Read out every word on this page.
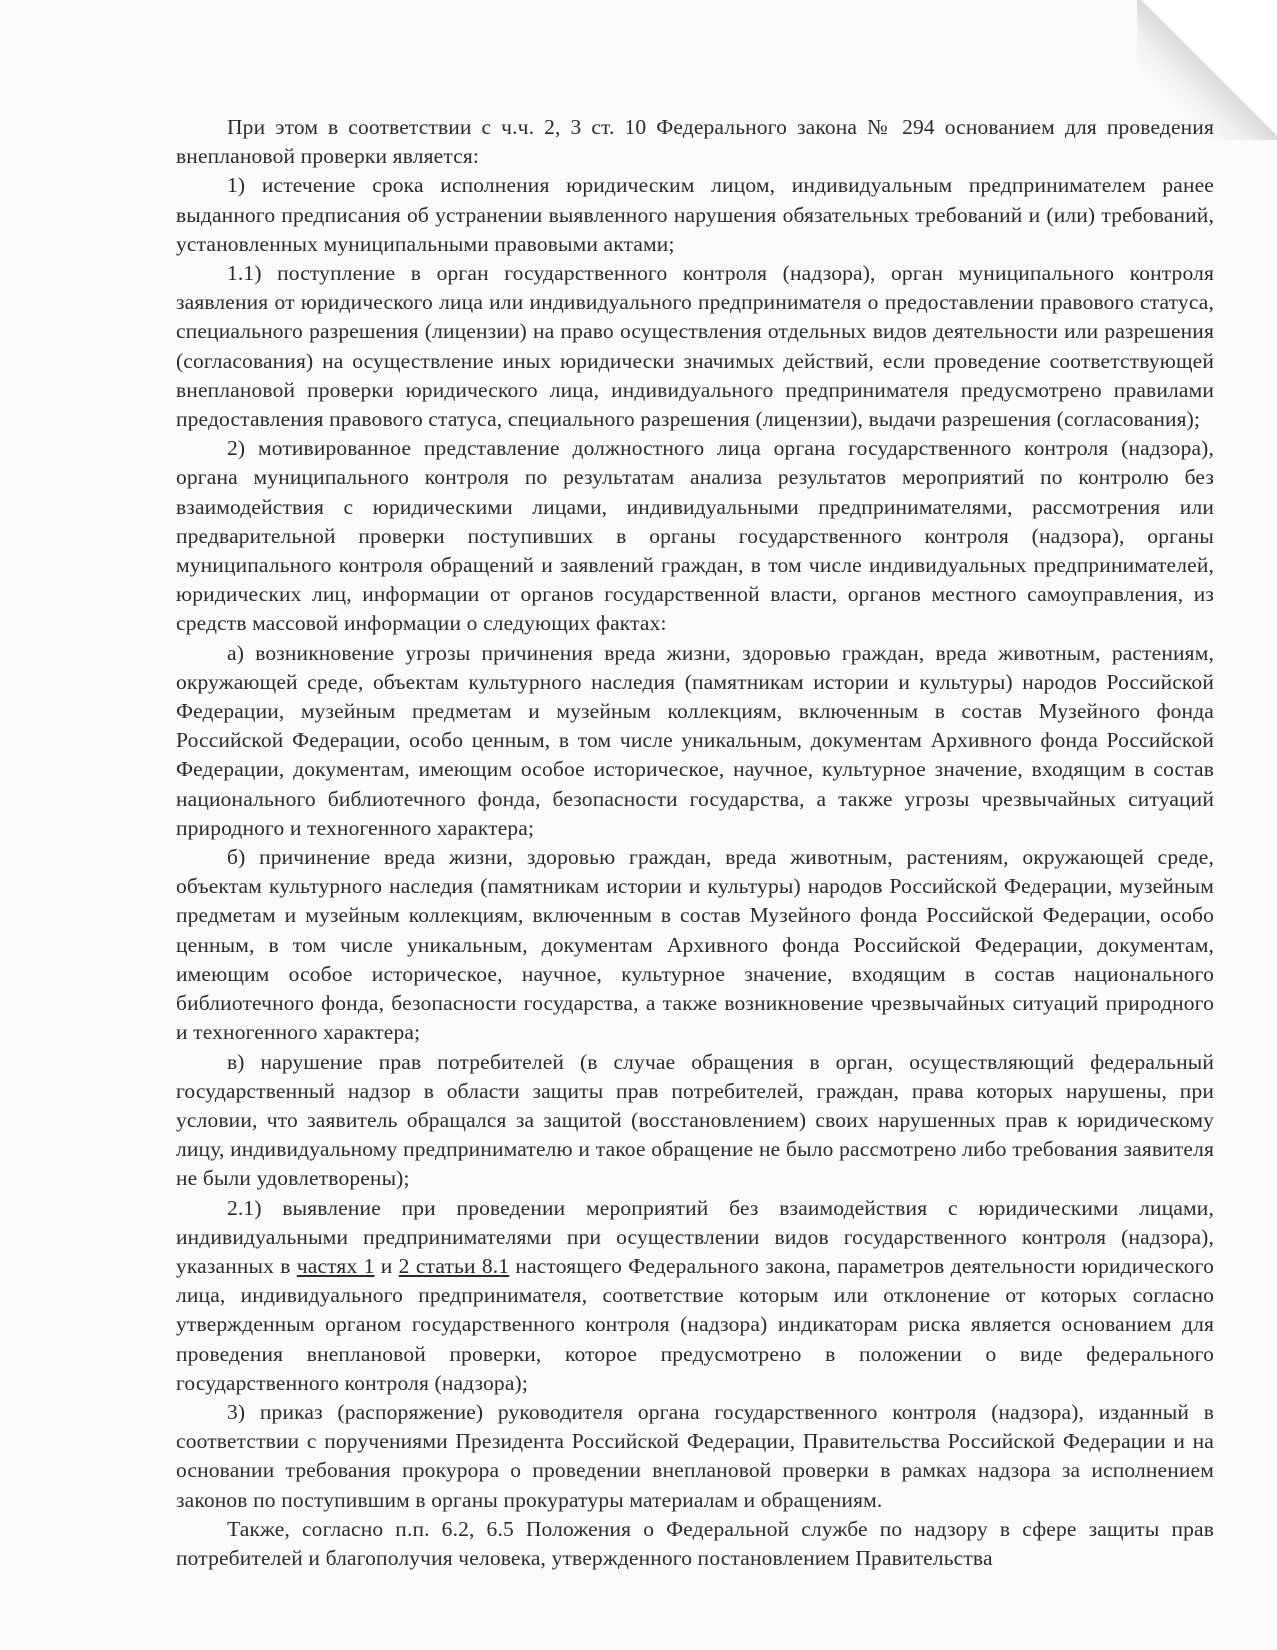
При этом в соответствии с ч.ч. 2, 3 ст. 10 Федерального закона № 294 основанием для проведения внеплановой проверки является:

1) истечение срока исполнения юридическим лицом, индивидуальным предпринимателем ранее выданного предписания об устранении выявленного нарушения обязательных требований и (или) требований, установленных муниципальными правовыми актами;

1.1) поступление в орган государственного контроля (надзора), орган муниципального контроля заявления от юридического лица или индивидуального предпринимателя о предоставлении правового статуса, специального разрешения (лицензии) на право осуществления отдельных видов деятельности или разрешения (согласования) на осуществление иных юридически значимых действий, если проведение соответствующей внеплановой проверки юридического лица, индивидуального предпринимателя предусмотрено правилами предоставления правового статуса, специального разрешения (лицензии), выдачи разрешения (согласования);

2) мотивированное представление должностного лица органа государственного контроля (надзора), органа муниципального контроля по результатам анализа результатов мероприятий по контролю без взаимодействия с юридическими лицами, индивидуальными предпринимателями, рассмотрения или предварительной проверки поступивших в органы государственного контроля (надзора), органы муниципального контроля обращений и заявлений граждан, в том числе индивидуальных предпринимателей, юридических лиц, информации от органов государственной власти, органов местного самоуправления, из средств массовой информации о следующих фактах:

а) возникновение угрозы причинения вреда жизни, здоровью граждан, вреда животным, растениям, окружающей среде, объектам культурного наследия (памятникам истории и культуры) народов Российской Федерации, музейным предметам и музейным коллекциям, включенным в состав Музейного фонда Российской Федерации, особо ценным, в том числе уникальным, документам Архивного фонда Российской Федерации, документам, имеющим особое историческое, научное, культурное значение, входящим в состав национального библиотечного фонда, безопасности государства, а также угрозы чрезвычайных ситуаций природного и техногенного характера;

б) причинение вреда жизни, здоровью граждан, вреда животным, растениям, окружающей среде, объектам культурного наследия (памятникам истории и культуры) народов Российской Федерации, музейным предметам и музейным коллекциям, включенным в состав Музейного фонда Российской Федерации, особо ценным, в том числе уникальным, документам Архивного фонда Российской Федерации, документам, имеющим особое историческое, научное, культурное значение, входящим в состав национального библиотечного фонда, безопасности государства, а также возникновение чрезвычайных ситуаций природного и техногенного характера;

в) нарушение прав потребителей (в случае обращения в орган, осуществляющий федеральный государственный надзор в области защиты прав потребителей, граждан, права которых нарушены, при условии, что заявитель обращался за защитой (восстановлением) своих нарушенных прав к юридическому лицу, индивидуальному предпринимателю и такое обращение не было рассмотрено либо требования заявителя не были удовлетворены);

2.1) выявление при проведении мероприятий без взаимодействия с юридическими лицами, индивидуальными предпринимателями при осуществлении видов государственного контроля (надзора), указанных в частях 1 и 2 статьи 8.1 настоящего Федерального закона, параметров деятельности юридического лица, индивидуального предпринимателя, соответствие которым или отклонение от которых согласно утвержденным органом государственного контроля (надзора) индикаторам риска является основанием для проведения внеплановой проверки, которое предусмотрено в положении о виде федерального государственного контроля (надзора);

3) приказ (распоряжение) руководителя органа государственного контроля (надзора), изданный в соответствии с поручениями Президента Российской Федерации, Правительства Российской Федерации и на основании требования прокурора о проведении внеплановой проверки в рамках надзора за исполнением законов по поступившим в органы прокуратуры материалам и обращениям.

Также, согласно п.п. 6.2, 6.5 Положения о Федеральной службе по надзору в сфере защиты прав потребителей и благополучия человека, утвержденного постановлением Правительства
